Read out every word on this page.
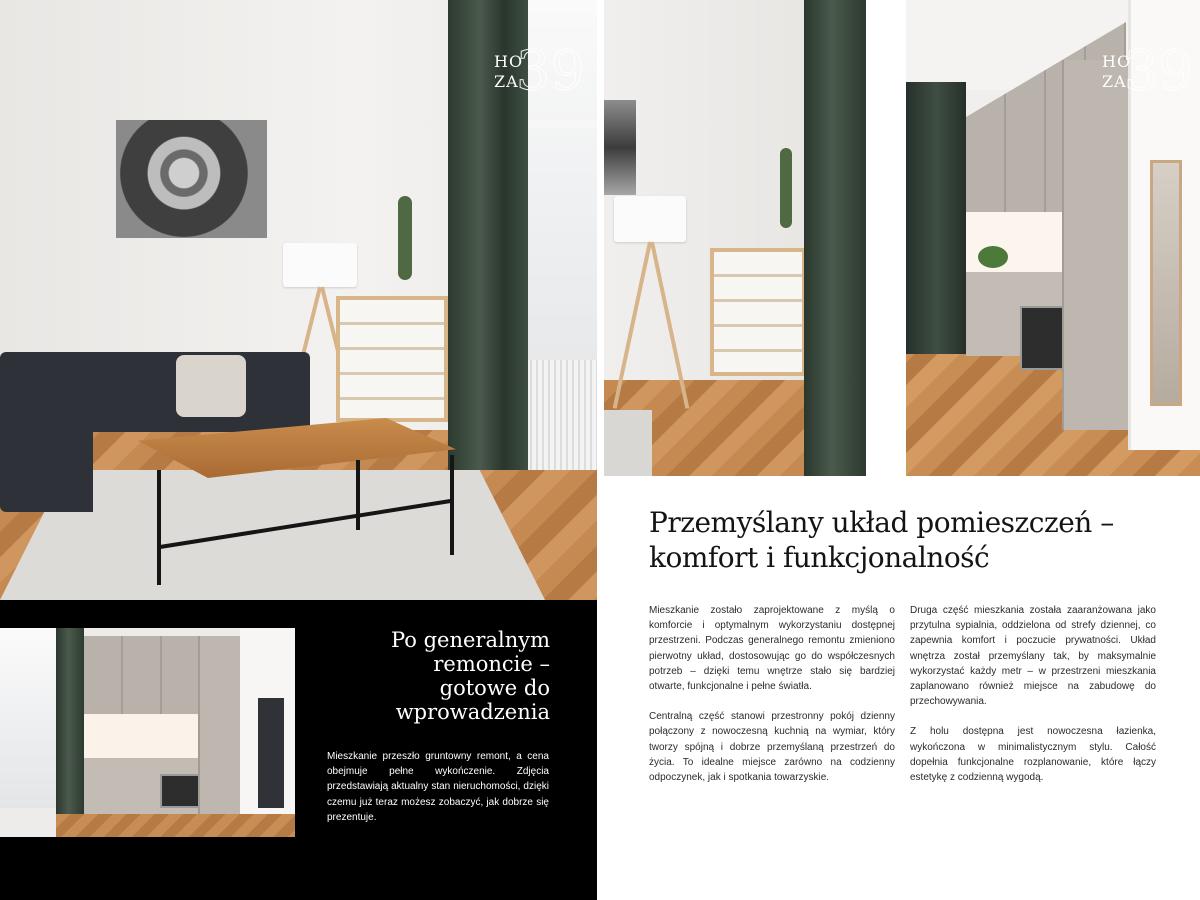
39
HO
ZA	39
HO
ZA
Po generalnym
remoncie –
gotowe do
wprowadzenia

Mieszkanie przeszło gruntowny remont, a cena obejmuje pełne wykończenie. Zdjęcia przedstawiają aktualny stan nieruchomości, dzięki czemu już teraz możesz zobaczyć, jak dobrze się prezentuje.

Przemyślany układ pomieszczeń –
komfort i funkcjonalność

Mieszkanie zostało zaprojektowane z myślą o komforcie i optymalnym wykorzystaniu dostępnej przestrzeni. Podczas generalnego remontu zmieniono pierwotny układ, dostosowując go do współczesnych potrzeb – dzięki temu wnętrze stało się bardziej otwarte, funkcjonalne i pełne światła.

Centralną część stanowi przestronny pokój dzienny połączony z nowoczesną kuchnią na wymiar, który tworzy spójną i dobrze przemyślaną przestrzeń do życia. To idealne miejsce zarówno na codzienny odpoczynek, jak i spotkania towarzyskie.

Druga część mieszkania została zaaranżowana jako przytulna sypialnia, oddzielona od strefy dziennej, co zapewnia komfort i poczucie prywatności. Układ wnętrza został przemyślany tak, by maksymalnie wykorzystać każdy metr – w przestrzeni mieszkania zaplanowano również miejsce na zabudowę do przechowywania.

Z holu dostępna jest nowoczesna łazienka, wykończona w minimalistycznym stylu. Całość dopełnia funkcjonalne rozplanowanie, które łączy estetykę z codzienną wygodą.
